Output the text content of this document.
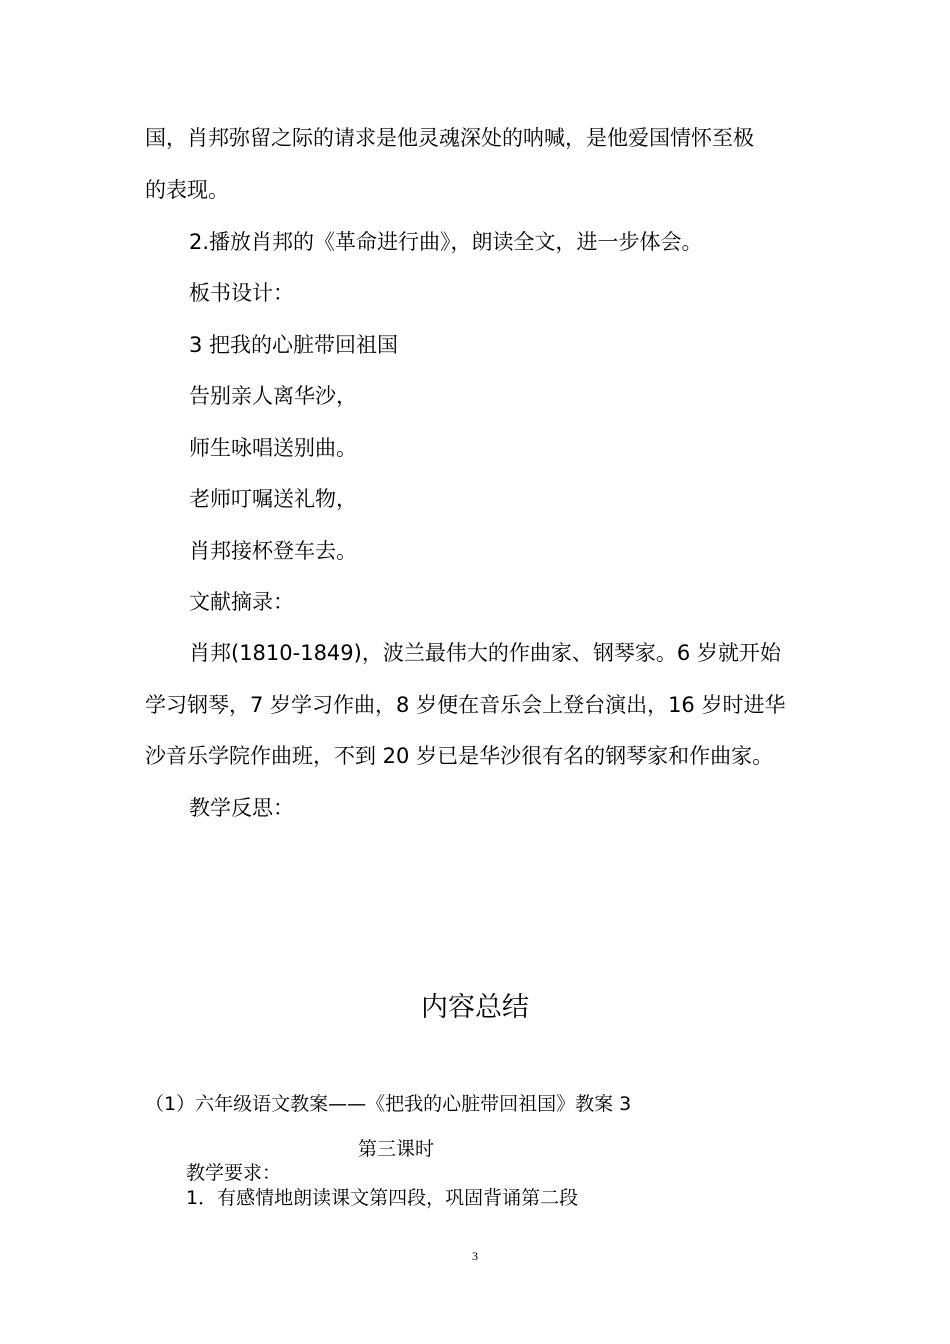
国，肖邦弥留之际的请求是他灵魂深处的呐喊，是他爱国情怀至极

的表现。

2.播放肖邦的《革命进行曲》，朗读全文，进一步体会。

板书设计：

3 把我的心脏带回祖国

告别亲人离华沙，

师生咏唱送别曲。

老师叮嘱送礼物，

肖邦接杯登车去。

文献摘录：

肖邦(1810-1849)，波兰最伟大的作曲家、钢琴家。6 岁就开始

学习钢琴，7 岁学习作曲，8 岁便在音乐会上登台演出，16 岁时进华

沙音乐学院作曲班，不到 20 岁已是华沙很有名的钢琴家和作曲家。

教学反思：

内容总结

（1）六年级语文教案——《把我的心脏带回祖国》教案 3

第三课时

教学要求：

1．有感情地朗读课文第四段，巩固背诵第二段

3
